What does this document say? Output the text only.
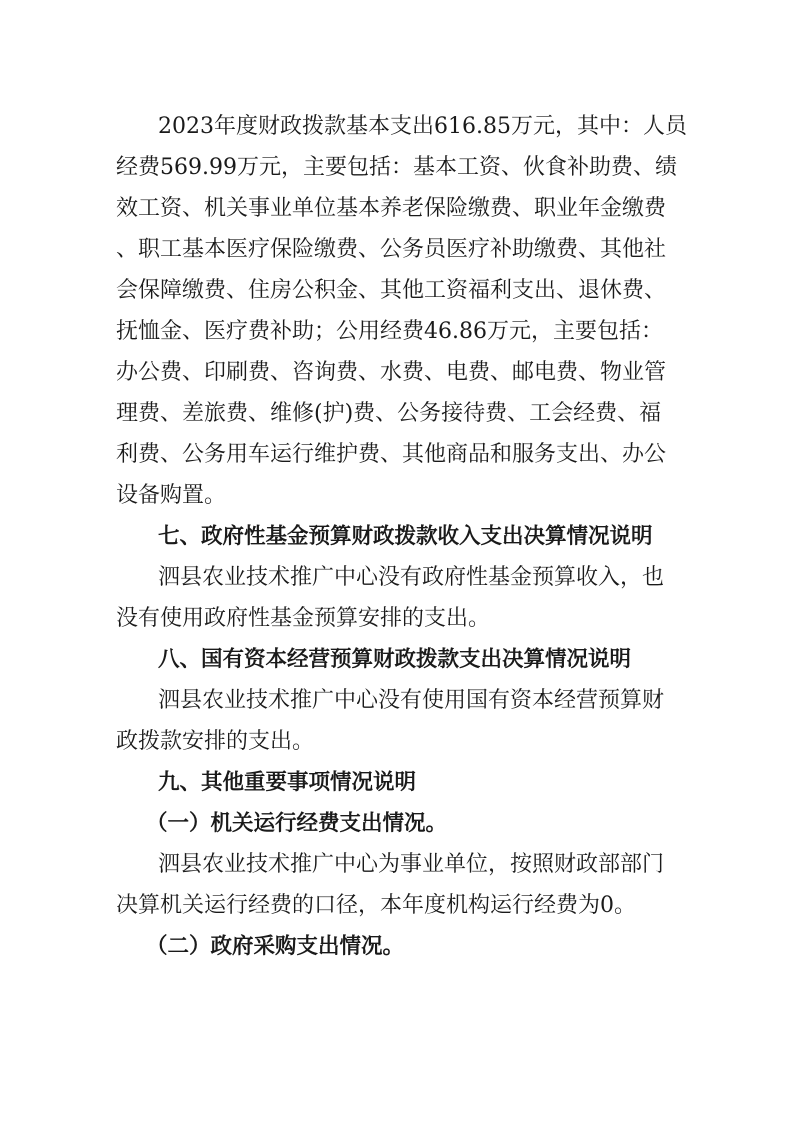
2023年度财政拨款基本支出616.85万元，其中：人员
经费569.99万元，主要包括：基本工资、伙食补助费、绩
效工资、机关事业单位基本养老保险缴费、职业年金缴费
、职工基本医疗保险缴费、公务员医疗补助缴费、其他社
会保障缴费、住房公积金、其他工资福利支出、退休费、
抚恤金、医疗费补助；公用经费46.86万元，主要包括：
办公费、印刷费、咨询费、水费、电费、邮电费、物业管
理费、差旅费、维修(护)费、公务接待费、工会经费、福
利费、公务用车运行维护费、其他商品和服务支出、办公
设备购置。
七、政府性基金预算财政拨款收入支出决算情况说明
泗县农业技术推广中心没有政府性基金预算收入，也
没有使用政府性基金预算安排的支出。
八、国有资本经营预算财政拨款支出决算情况说明
泗县农业技术推广中心没有使用国有资本经营预算财
政拨款安排的支出。
九、其他重要事项情况说明
（一）机关运行经费支出情况。
泗县农业技术推广中心为事业单位，按照财政部部门
决算机关运行经费的口径，本年度机构运行经费为0。
（二）政府采购支出情况。
